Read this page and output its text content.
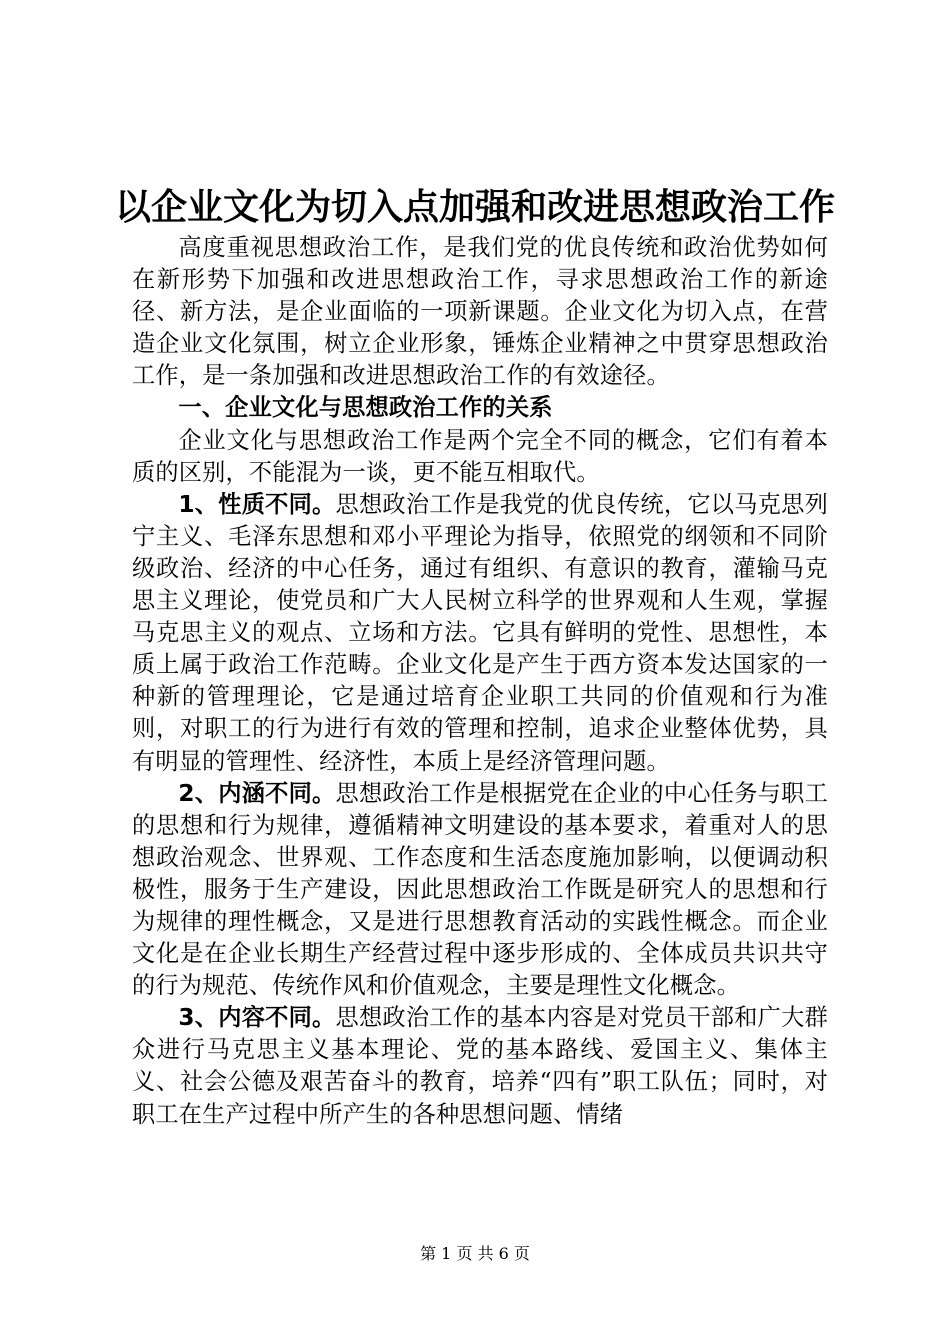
以企业文化为切入点加强和改进思想政治工作

高度重视思想政治工作，是我们党的优良传统和政治优势如何在新形势下加强和改进思想政治工作，寻求思想政治工作的新途径、新方法，是企业面临的一项新课题。企业文化为切入点，在营造企业文化氛围，树立企业形象，锤炼企业精神之中贯穿思想政治工作，是一条加强和改进思想政治工作的有效途径。

一、企业文化与思想政治工作的关系

企业文化与思想政治工作是两个完全不同的概念，它们有着本质的区别，不能混为一谈，更不能互相取代。

1、性质不同。思想政治工作是我党的优良传统，它以马克思列宁主义、毛泽东思想和邓小平理论为指导，依照党的纲领和不同阶级政治、经济的中心任务，通过有组织、有意识的教育，灌输马克思主义理论，使党员和广大人民树立科学的世界观和人生观，掌握马克思主义的观点、立场和方法。它具有鲜明的党性、思想性，本质上属于政治工作范畴。企业文化是产生于西方资本发达国家的一种新的管理理论，它是通过培育企业职工共同的价值观和行为准则，对职工的行为进行有效的管理和控制，追求企业整体优势，具有明显的管理性、经济性，本质上是经济管理问题。

2、内涵不同。思想政治工作是根据党在企业的中心任务与职工的思想和行为规律，遵循精神文明建设的基本要求，着重对人的思想政治观念、世界观、工作态度和生活态度施加影响，以便调动积极性，服务于生产建设，因此思想政治工作既是研究人的思想和行为规律的理性概念，又是进行思想教育活动的实践性概念。而企业文化是在企业长期生产经营过程中逐步形成的、全体成员共识共守的行为规范、传统作风和价值观念，主要是理性文化概念。

3、内容不同。思想政治工作的基本内容是对党员干部和广大群众进行马克思主义基本理论、党的基本路线、爱国主义、集体主义、社会公德及艰苦奋斗的教育，培养“四有”职工队伍；同时，对职工在生产过程中所产生的各种思想问题、情绪

第 1 页 共 6 页
